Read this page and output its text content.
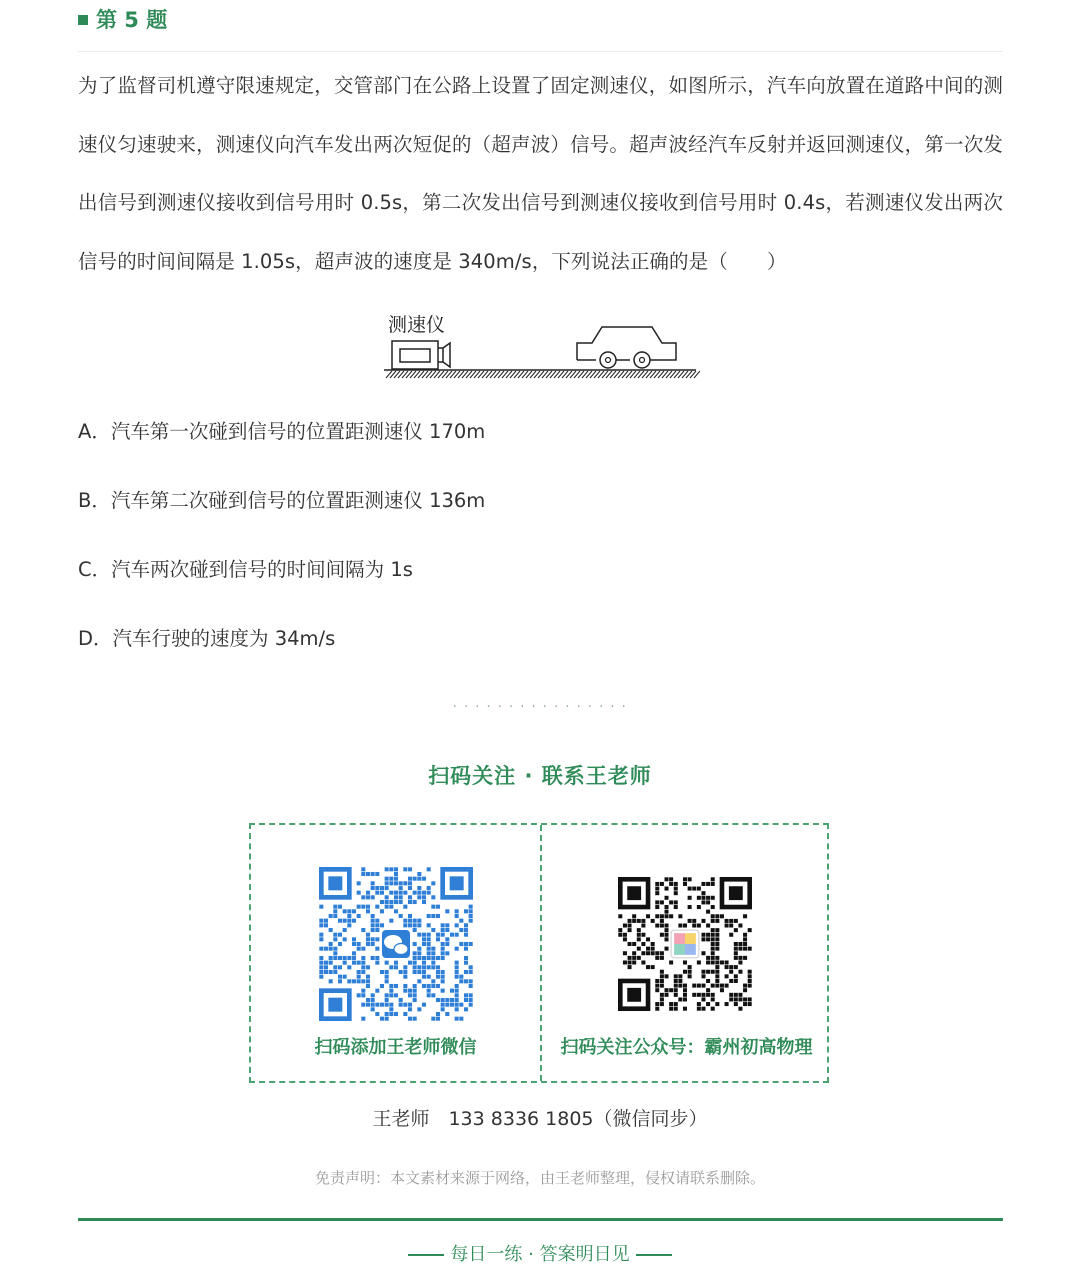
第 5 题

为了监督司机遵守限速规定，交管部门在公路上设置了固定测速仪，如图所示，汽车向放置在道路中间的测速仪匀速驶来，测速仪向汽车发出两次短促的（超声波）信号。超声波经汽车反射并返回测速仪，第一次发出信号到测速仪接收到信号用时 0.5s，第二次发出信号到测速仪接收到信号用时 0.4s，若测速仪发出两次信号的时间间隔是 1.05s，超声波的速度是 340m/s，下列说法正确的是（　　）

测速仪
A．汽车第一次碰到信号的位置距测速仪 170m
B．汽车第二次碰到信号的位置距测速仪 136m
C．汽车两次碰到信号的时间间隔为 1s
D．汽车行驶的速度为 34m/s
· · · · · · · · · · · · · · · ·
扫码关注 · 联系王老师
扫码添加王老师微信	扫码关注公众号：霸州初高物理
王老师　133 8336 1805（微信同步）
免责声明：本文素材来源于网络，由王老师整理，侵权请联系删除。
每日一练 · 答案明日见
